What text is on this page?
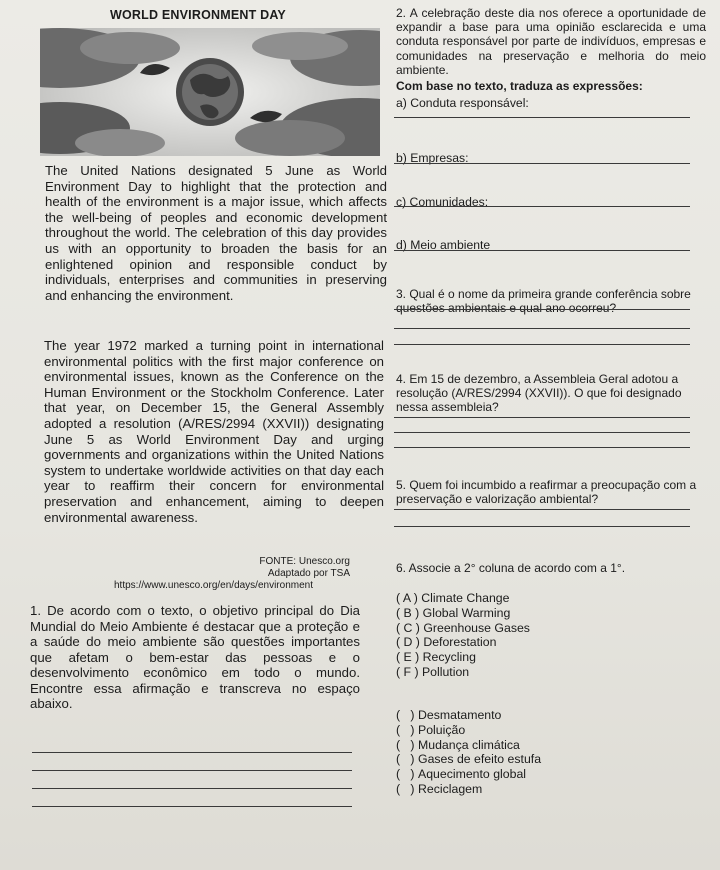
WORLD ENVIRONMENT DAY
The United Nations designated 5 June as World Environment Day to highlight that the protection and health of the environment is a major issue, which affects the well-being of peoples and economic development throughout the world. The celebration of this day provides us with an opportunity to broaden the basis for an enlightened opinion and responsible conduct by individuals, enterprises and communities in preserving and enhancing the environment.
The year 1972 marked a turning point in international environmental politics with the first major conference on environmental issues, known as the Conference on the Human Environment or the Stockholm Conference. Later that year, on December 15, the General Assembly adopted a resolution (A/RES/2994 (XXVII)) designating June 5 as World Environment Day and urging governments and organizations within the United Nations system to undertake worldwide activities on that day each year to reaffirm their concern for environmental preservation and enhancement, aiming to deepen environmental awareness.
FONTE: Unesco.org
Adaptado por TSA
https://www.unesco.org/en/days/environment
1. De acordo com o texto, o objetivo principal do Dia Mundial do Meio Ambiente é destacar que a proteção e a saúde do meio ambiente são questões importantes que afetam o bem-estar das pessoas e o desenvolvimento econômico em todo o mundo. Encontre essa afirmação e transcreva no espaço abaixo.
2. A celebração deste dia nos oferece a oportunidade de expandir a base para uma opinião esclarecida e uma conduta responsável por parte de indivíduos, empresas e comunidades na preservação e melhoria do meio ambiente.
Com base no texto, traduza as expressões:
a) Conduta responsável:
b) Empresas:
c) Comunidades:
d) Meio ambiente
3. Qual é o nome da primeira grande conferência sobre questões ambientais e qual ano ocorreu?
4. Em 15 de dezembro, a Assembleia Geral adotou a resolução (A/RES/2994 (XXVII)). O que foi designado nessa assembleia?
5. Quem foi incumbido a reafirmar a preocupação com a preservação e valorização ambiental?
6. Associe a 2° coluna de acordo com a 1°.
( A ) Climate Change
( B ) Global Warming
( C ) Greenhouse Gases
( D ) Deforestation
( E ) Recycling
( F ) Pollution
(   ) Desmatamento
(   ) Poluição
(   ) Mudança climática
(   ) Gases de efeito estufa
(   ) Aquecimento global
(   ) Reciclagem
